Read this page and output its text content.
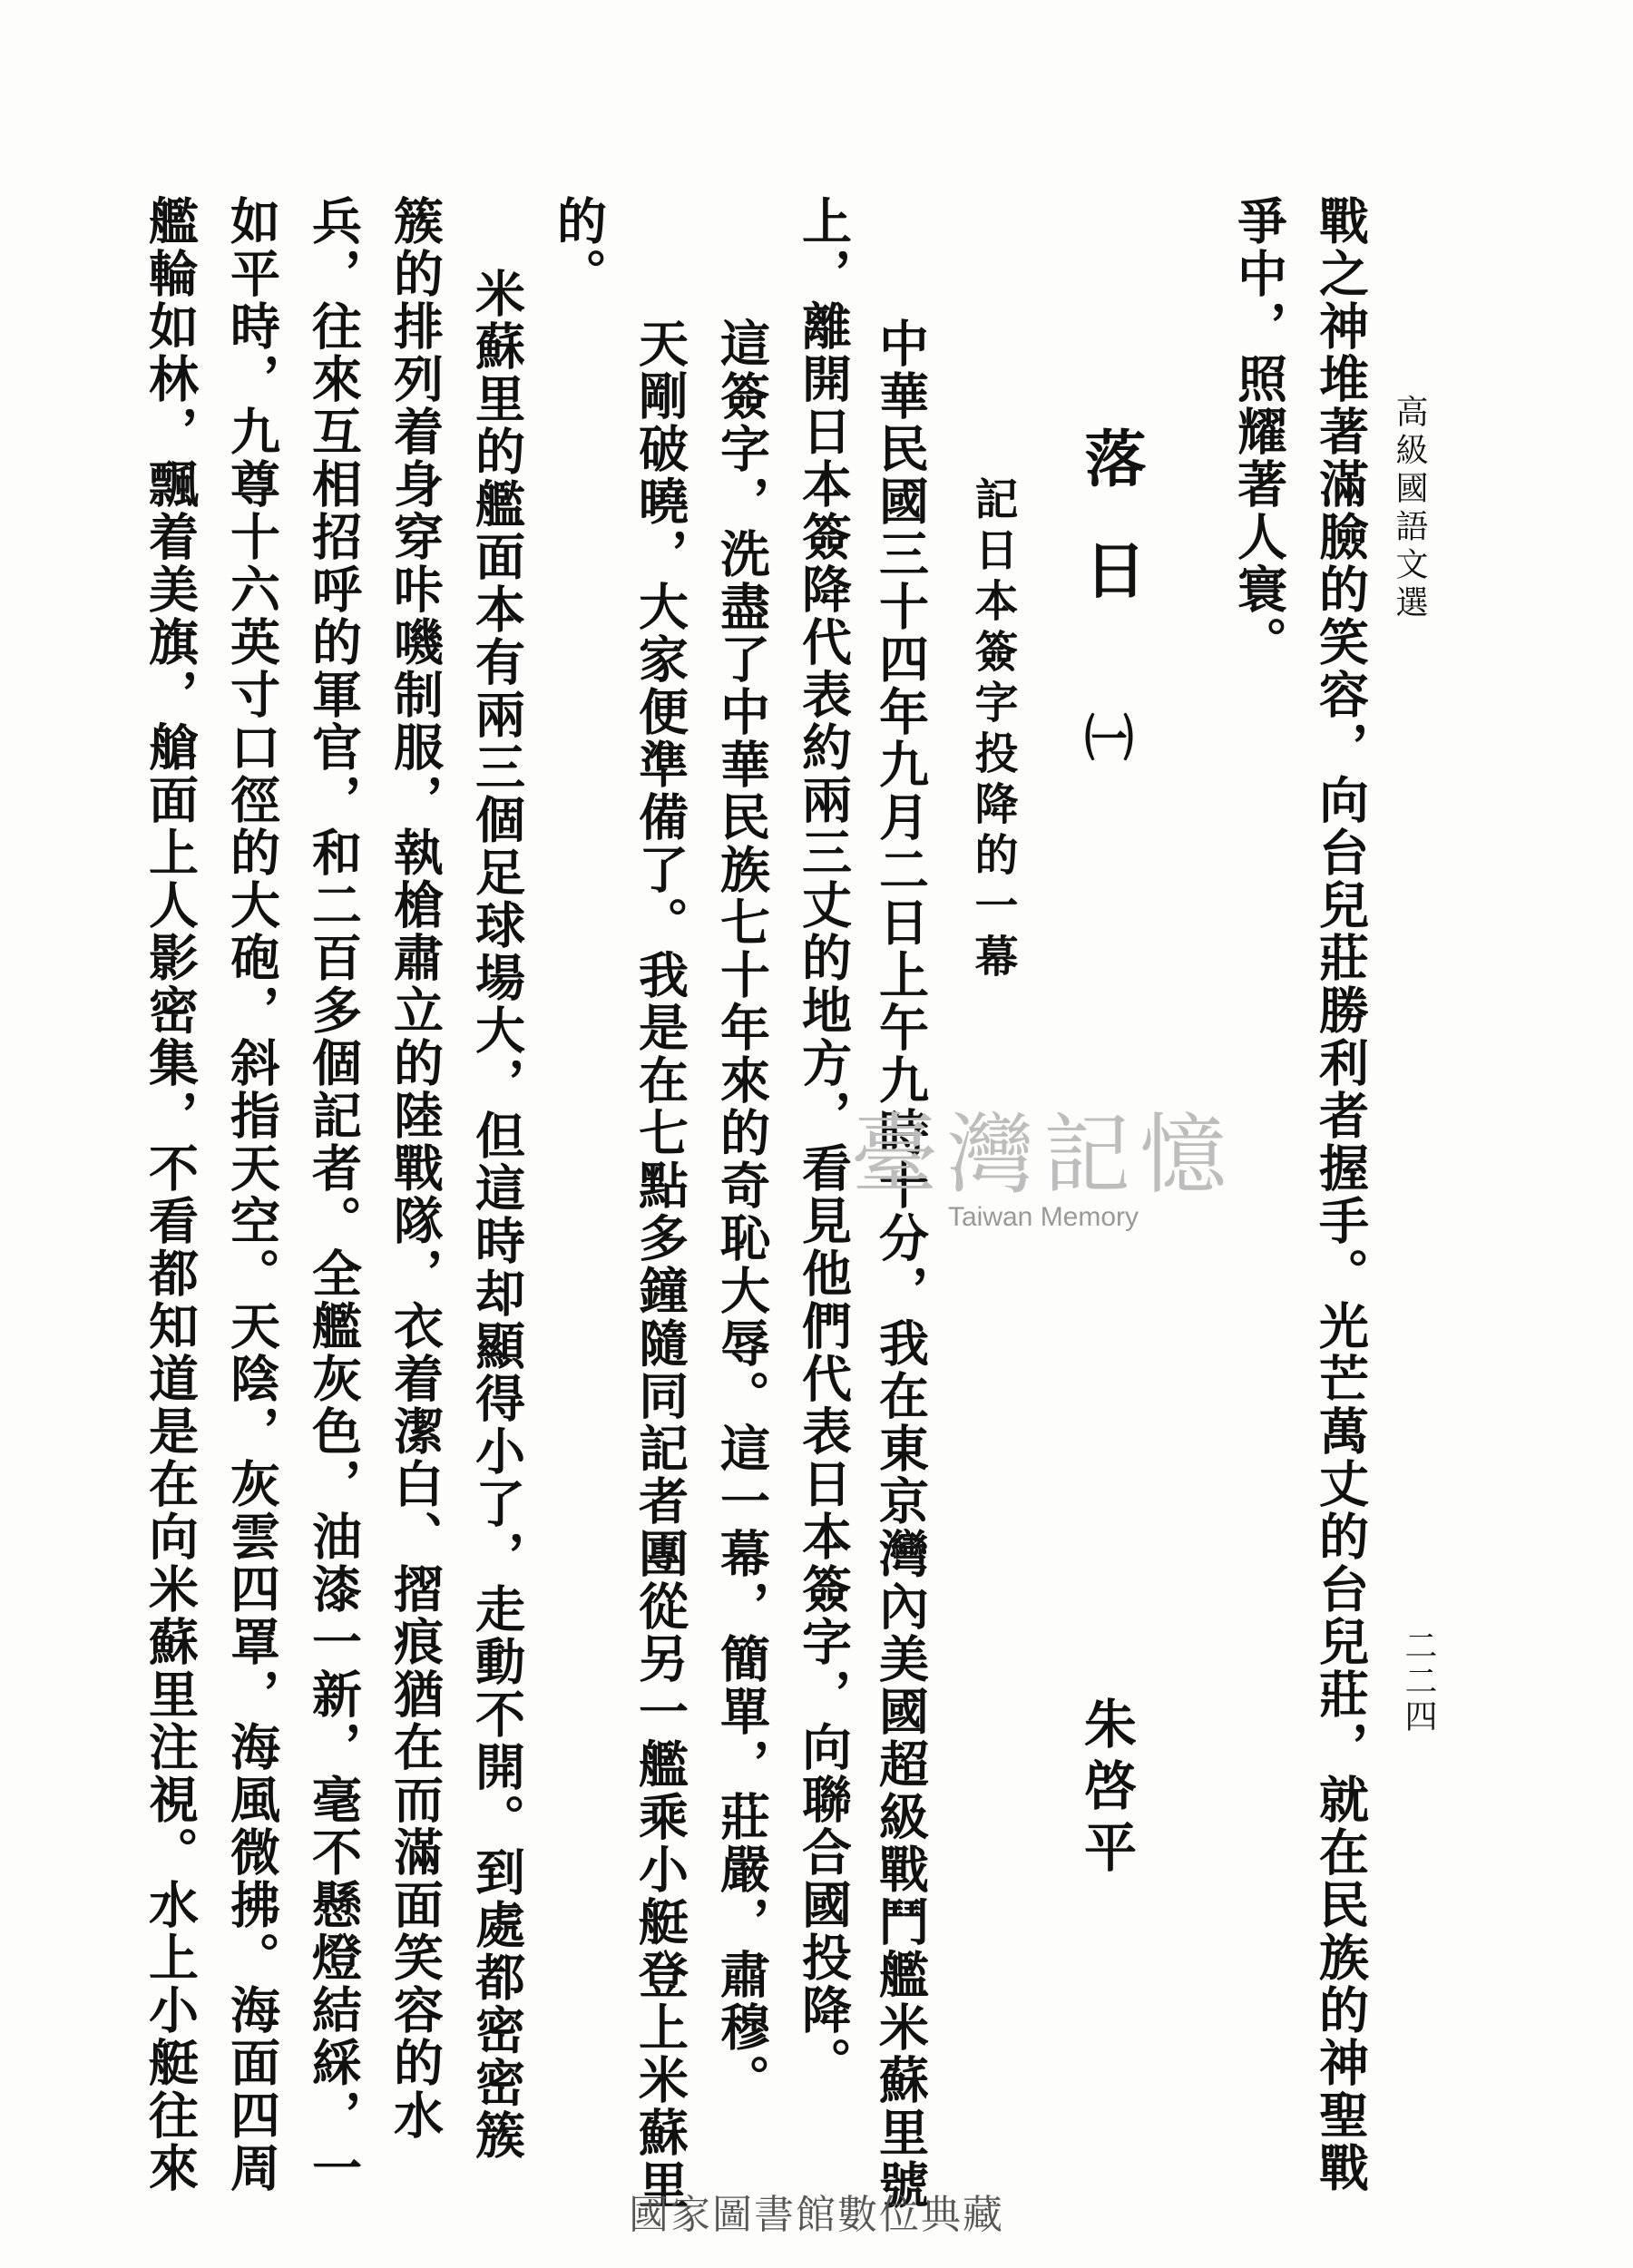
高級國語文選
二二四
戰之神堆著滿臉的笑容，向台兒莊勝利者握手。光芒萬丈的台兒莊，就在民族的神聖戰
爭中，照耀著人寰。
落日
㈠
朱啓平
記日本簽字投降的一幕
中華民國三十四年九月二日上午九時十分，我在東京灣內美國超級戰鬥艦米蘇里號
上，離開日本簽降代表約兩三丈的地方，看見他們代表日本簽字，向聯合國投降。
這簽字，洗盡了中華民族七十年來的奇恥大辱。這一幕，簡單，莊嚴，肅穆。
天剛破曉，大家便準備了。我是在七點多鐘隨同記者團從另一艦乘小艇登上米蘇里
的。
米蘇里的艦面本有兩三個足球場大，但這時却顯得小了，走動不開。到處都密密簇
簇的排列着身穿咔嘰制服，執槍肅立的陸戰隊，衣着潔白、摺痕猶在而滿面笑容的水
兵，往來互相招呼的軍官，和二百多個記者。全艦灰色，油漆一新，毫不懸燈結綵，一
如平時，九尊十六英寸口徑的大砲，斜指天空。天陰，灰雲四罩，海風微拂。海面四周
艦輪如林，飄着美旗，艙面上人影密集，不看都知道是在向米蘇里注視。水上小艇往來	臺灣記憶
Taiwan Memory
國家圖書館數位典藏
